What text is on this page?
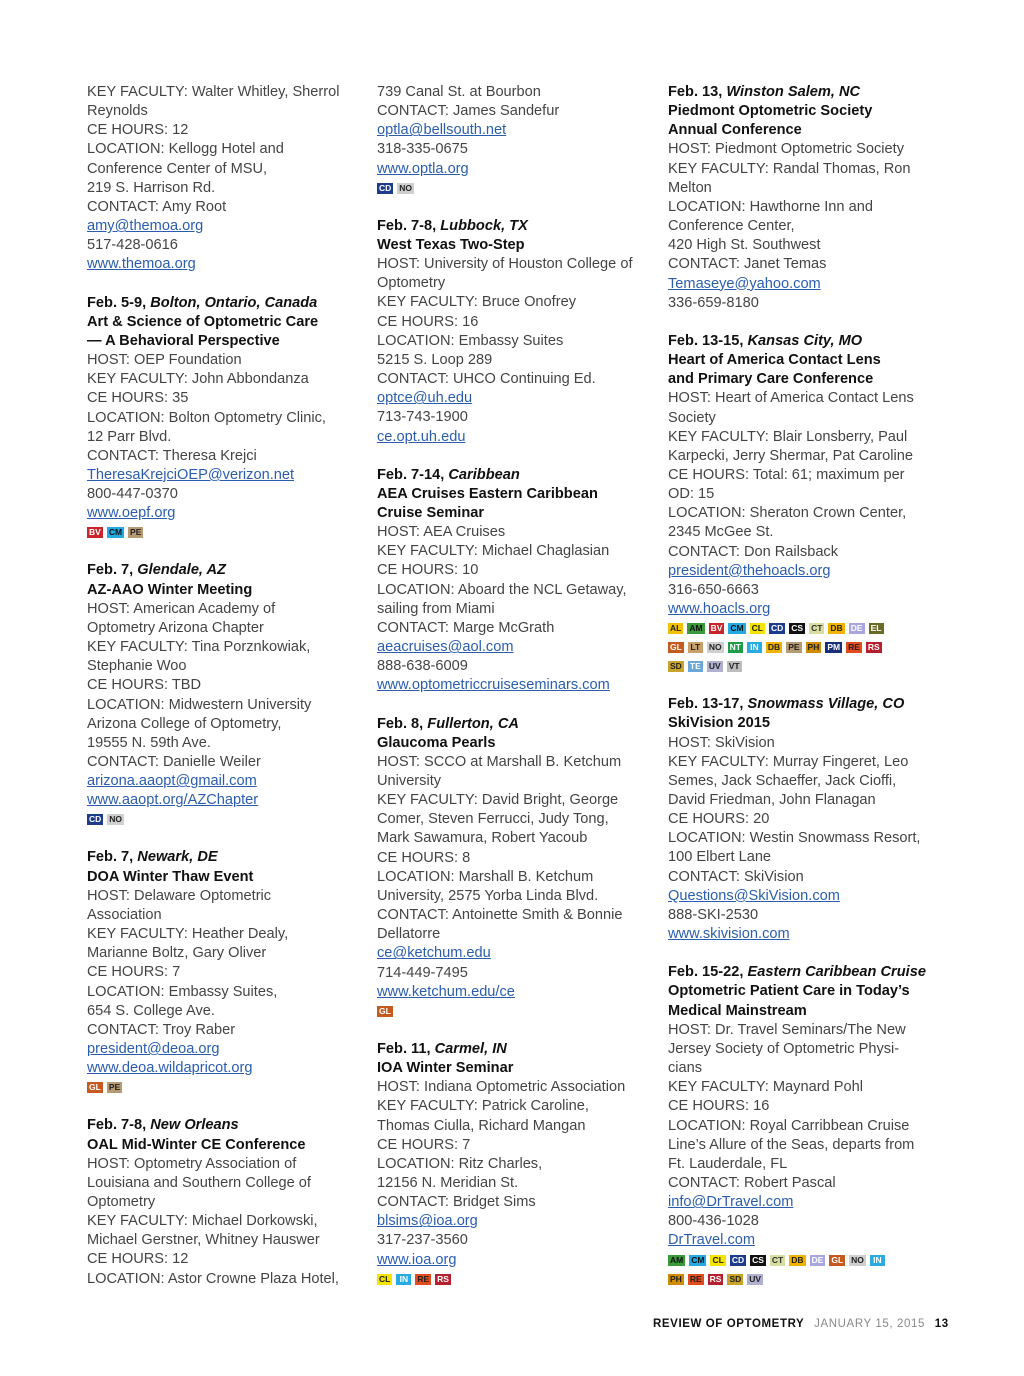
KEY FACULTY: Walter Whitley, Sherrol
Reynolds
CE HOURS: 12
LOCATION: Kellogg Hotel and
Conference Center of MSU,
219 S. Harrison Rd.
CONTACT: Amy Root
amy@themoa.org
517-428-0616
www.themoa.org
Feb. 5-9, Bolton, Ontario, Canada
Art & Science of Optometric Care
— A Behavioral Perspective
HOST: OEP Foundation
KEY FACULTY: John Abbondanza
CE HOURS: 35
LOCATION: Bolton Optometry Clinic,
12 Parr Blvd.
CONTACT: Theresa Krejci
TheresaKrejciOEP@verizon.net
800-447-0370
www.oepf.org
BV CM PE
Feb. 7, Glendale, AZ
AZ-AAO Winter Meeting
HOST: American Academy of
Optometry Arizona Chapter
KEY FACULTY: Tina Porznkowiak,
Stephanie Woo
CE HOURS: TBD
LOCATION: Midwestern University
Arizona College of Optometry,
19555 N. 59th Ave.
CONTACT: Danielle Weiler
arizona.aaopt@gmail.com
www.aaopt.org/AZChapter
CD NO
Feb. 7, Newark, DE
DOA Winter Thaw Event
HOST: Delaware Optometric
Association
KEY FACULTY: Heather Dealy,
Marianne Boltz, Gary Oliver
CE HOURS: 7
LOCATION: Embassy Suites,
654 S. College Ave.
CONTACT: Troy Raber
president@deoa.org
www.deoa.wildapricot.org
GL PE
Feb. 7-8, New Orleans
OAL Mid-Winter CE Conference
HOST: Optometry Association of
Louisiana and Southern College of
Optometry
KEY FACULTY: Michael Dorkowski,
Michael Gerstner, Whitney Hauswer
CE HOURS: 12
LOCATION: Astor Crowne Plaza Hotel,
739 Canal St. at Bourbon
CONTACT: James Sandefur
optla@bellsouth.net
318-335-0675
www.optla.org
CD NO
Feb. 7-8, Lubbock, TX
West Texas Two-Step
HOST: University of Houston College of
Optometry
KEY FACULTY: Bruce Onofrey
CE HOURS: 16
LOCATION: Embassy Suites
5215 S. Loop 289
CONTACT: UHCO Continuing Ed.
optce@uh.edu
713-743-1900
ce.opt.uh.edu
Feb. 7-14, Caribbean
AEA Cruises Eastern Caribbean
Cruise Seminar
HOST: AEA Cruises
KEY FACULTY: Michael Chaglasian
CE HOURS: 10
LOCATION: Aboard the NCL Getaway,
sailing from Miami
CONTACT: Marge McGrath
aeacruises@aol.com
888-638-6009
www.optometriccruiseseminars.com
Feb. 8, Fullerton, CA
Glaucoma Pearls
HOST: SCCO at Marshall B. Ketchum
University
KEY FACULTY: David Bright, George
Comer, Steven Ferrucci, Judy Tong,
Mark Sawamura, Robert Yacoub
CE HOURS: 8
LOCATION: Marshall B. Ketchum
University, 2575 Yorba Linda Blvd.
CONTACT: Antoinette Smith & Bonnie
Dellatorre
ce@ketchum.edu
714-449-7495
www.ketchum.edu/ce
GL
Feb. 11, Carmel, IN
IOA Winter Seminar
HOST: Indiana Optometric Association
KEY FACULTY: Patrick Caroline,
Thomas Ciulla, Richard Mangan
CE HOURS: 7
LOCATION: Ritz Charles,
12156 N. Meridian St.
CONTACT: Bridget Sims
blsims@ioa.org
317-237-3560
www.ioa.org
CL	IN	RE RS
Feb. 13, Winston Salem, NC
Piedmont Optometric Society
Annual Conference
HOST: Piedmont Optometric Society
KEY FACULTY: Randal Thomas, Ron
Melton
LOCATION: Hawthorne Inn and
Conference Center,
420 High St. Southwest
CONTACT: Janet Temas
Temaseye@yahoo.com
336-659-8180
Feb. 13-15, Kansas City, MO
Heart of America Contact Lens
and Primary Care Conference
HOST: Heart of America Contact Lens
Society
KEY FACULTY: Blair Lonsberry, Paul
Karpecki, Jerry Shermar, Pat Caroline
CE HOURS: Total: 61; maximum per
OD: 15
LOCATION: Sheraton Crown Center,
2345 McGee St.
CONTACT: Don Railsback
president@thehoacls.org
316-650-6663
www.hoacls.org
AL AM BV CM CL CD CS CT DB DE EL
GL	LT	NO NT	IN	DB PE PH PM RE RS
SD TE UV VT
Feb. 13-17, Snowmass Village, CO
SkiVision 2015
HOST: SkiVision
KEY FACULTY: Murray Fingeret, Leo
Semes, Jack Schaeffer, Jack Cioffi,
David Friedman, John Flanagan
CE HOURS: 20
LOCATION: Westin Snowmass Resort,
100 Elbert Lane
CONTACT: SkiVision
Questions@SkiVision.com
888-SKI-2530
www.skivision.com
Feb. 15-22, Eastern Caribbean Cruise
Optometric Patient Care in Today’s
Medical Mainstream
HOST: Dr. Travel Seminars/The New
Jersey Society of Optometric Physi-
cians
KEY FACULTY: Maynard Pohl
CE HOURS: 16
LOCATION: Royal Carribbean Cruise
Line’s Allure of the Seas, departs from
Ft. Lauderdale, FL
CONTACT: Robert Pascal
info@DrTravel.com
800-436-1028
DrTravel.com
AM CM CL CD CS CT DB DE GL NO	IN
PH RE RS SD UV
REVIEW OF OPTOMETRY JANUARY 15, 2015 13
